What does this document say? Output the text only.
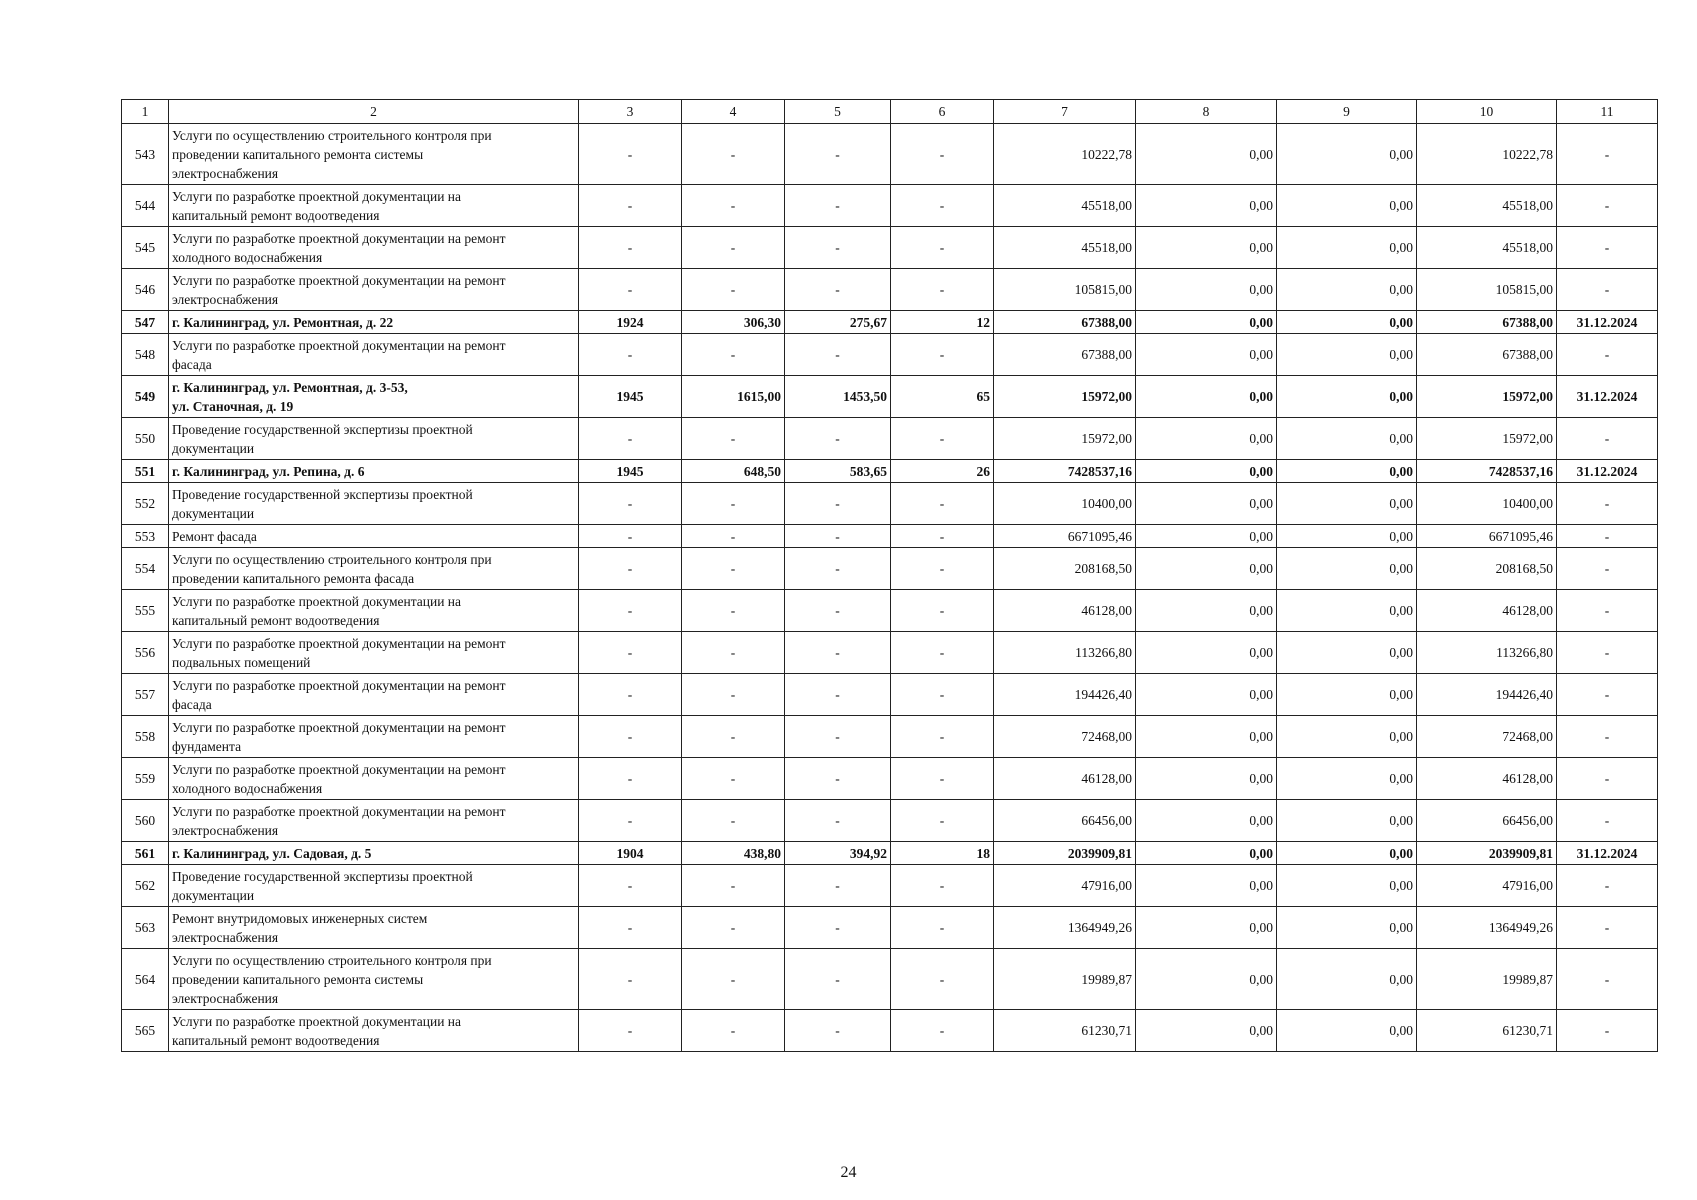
1	2	3	4	5	6	7	8	9	10	11
543	Услуги по осуществлению строительного контроля при
проведении капитального ремонта системы
электроснабжения	-	-	-	-	10222,78	0,00	0,00	10222,78	-
544	Услуги по разработке проектной документации на
капитальный ремонт водоотведения	-	-	-	-	45518,00	0,00	0,00	45518,00	-
545	Услуги по разработке проектной документации на ремонт
холодного водоснабжения	-	-	-	-	45518,00	0,00	0,00	45518,00	-
546	Услуги по разработке проектной документации на ремонт
электроснабжения	-	-	-	-	105815,00	0,00	0,00	105815,00	-
547	г. Калининград, ул. Ремонтная, д. 22	1924	306,30	275,67	12	67388,00	0,00	0,00	67388,00	31.12.2024
548	Услуги по разработке проектной документации на ремонт
фасада	-	-	-	-	67388,00	0,00	0,00	67388,00	-
549	г. Калининград, ул. Ремонтная, д. 3-53,
ул. Станочная, д. 19	1945	1615,00	1453,50	65	15972,00	0,00	0,00	15972,00	31.12.2024
550	Проведение государственной экспертизы проектной
документации	-	-	-	-	15972,00	0,00	0,00	15972,00	-
551	г. Калининград, ул. Репина, д. 6	1945	648,50	583,65	26	7428537,16	0,00	0,00	7428537,16	31.12.2024
552	Проведение государственной экспертизы проектной
документации	-	-	-	-	10400,00	0,00	0,00	10400,00	-
553	Ремонт фасада	-	-	-	-	6671095,46	0,00	0,00	6671095,46	-
554	Услуги по осуществлению строительного контроля при
проведении капитального ремонта фасада	-	-	-	-	208168,50	0,00	0,00	208168,50	-
555	Услуги по разработке проектной документации на
капитальный ремонт водоотведения	-	-	-	-	46128,00	0,00	0,00	46128,00	-
556	Услуги по разработке проектной документации на ремонт
подвальных помещений	-	-	-	-	113266,80	0,00	0,00	113266,80	-
557	Услуги по разработке проектной документации на ремонт
фасада	-	-	-	-	194426,40	0,00	0,00	194426,40	-
558	Услуги по разработке проектной документации на ремонт
фундамента	-	-	-	-	72468,00	0,00	0,00	72468,00	-
559	Услуги по разработке проектной документации на ремонт
холодного водоснабжения	-	-	-	-	46128,00	0,00	0,00	46128,00	-
560	Услуги по разработке проектной документации на ремонт
электроснабжения	-	-	-	-	66456,00	0,00	0,00	66456,00	-
561	г. Калининград, ул. Садовая, д. 5	1904	438,80	394,92	18	2039909,81	0,00	0,00	2039909,81	31.12.2024
562	Проведение государственной экспертизы проектной
документации	-	-	-	-	47916,00	0,00	0,00	47916,00	-
563	Ремонт внутридомовых инженерных систем
электроснабжения	-	-	-	-	1364949,26	0,00	0,00	1364949,26	-
564	Услуги по осуществлению строительного контроля при
проведении капитального ремонта системы
электроснабжения	-	-	-	-	19989,87	0,00	0,00	19989,87	-
565	Услуги по разработке проектной документации на
капитальный ремонт водоотведения	-	-	-	-	61230,71	0,00	0,00	61230,71	-
24
